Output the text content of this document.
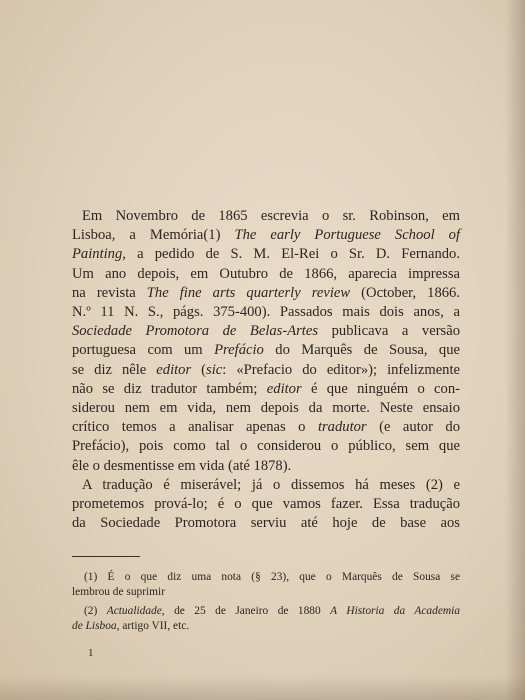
Em Novembro de 1865 escrevia o sr. Robinson, em
Lisboa, a Memória(1) The early Portuguese School of
Painting, a pedido de S. M. El-Rei o Sr. D. Fernando.
Um ano depois, em Outubro de 1866, aparecia impressa
na revista The fine arts quarterly review (October, 1866.
N.º 11 N. S., págs. 375-400). Passados mais dois anos, a
Sociedade Promotora de Belas-Artes publicava a versão
portuguesa com um Prefácio do Marquês de Sousa, que
se diz nêle editor (sic: «Prefacio do editor»); infelizmente
não se diz tradutor também; editor é que ninguém o con-
siderou nem em vida, nem depois da morte. Neste ensaio
crítico temos a analisar apenas o tradutor (e autor do
Prefácio), pois como tal o considerou o público, sem que
êle o desmentisse em vida (até 1878).

A tradução é miserável; já o dissemos há meses (2) e
prometemos prová-lo; é o que vamos fazer. Essa tradução
da Sociedade Promotora serviu até hoje de base aos

(1) É o que diz uma nota (§ 23), que o Marquês de Sousa se
lembrou de suprimir
(2) Actualidade, de 25 de Janeiro de 1880 A Historia da Academia
de Lisboa, artigo VII, etc.
1
